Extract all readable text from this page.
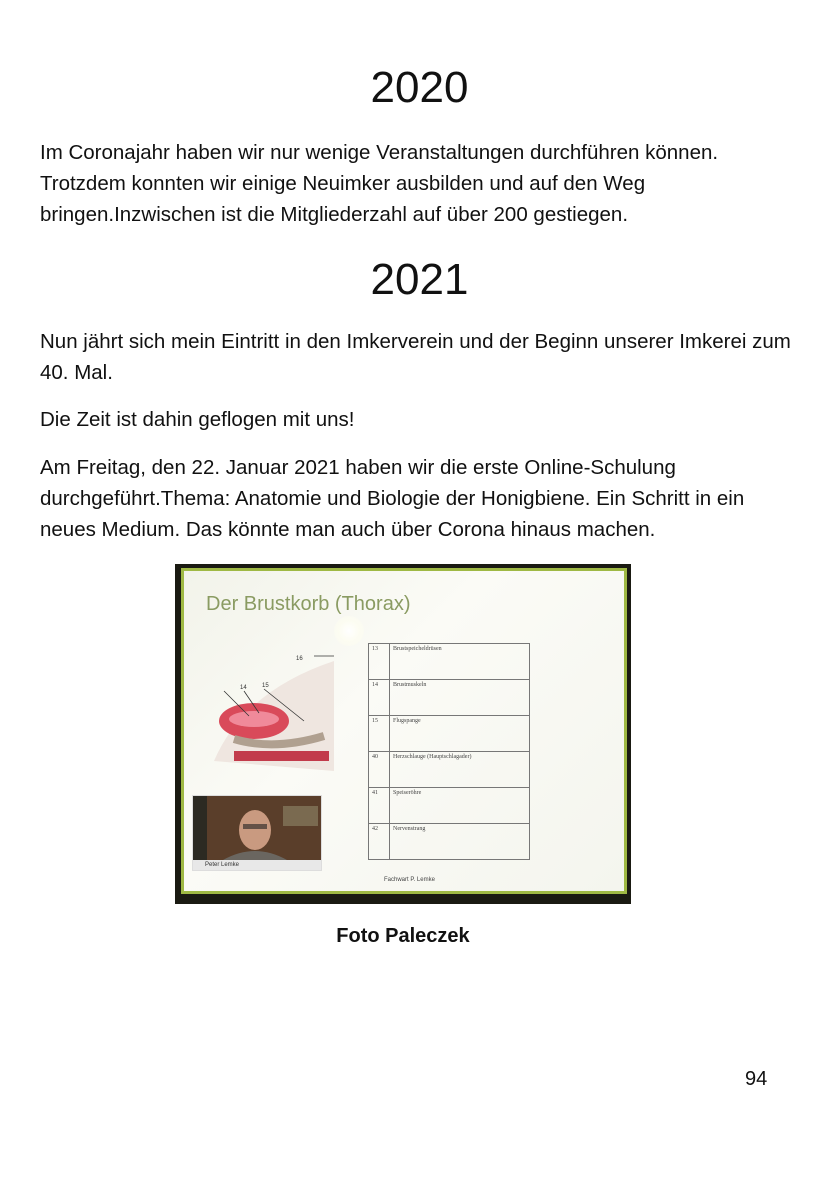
2020

Im Coronajahr haben wir nur wenige Veranstaltungen durchführen können. Trotzdem konnten wir einige Neuimker ausbilden und auf den Weg bringen.Inzwischen ist die Mitgliederzahl auf über 200 gestiegen.

2021

Nun jährt sich mein Eintritt in den Imkerverein und der Beginn unserer Imkerei zum 40. Mal.

Die Zeit ist dahin geflogen mit uns!

Am Freitag, den 22. Januar 2021 haben wir die erste Online-Schulung durchgeführt.Thema: Anatomie und Biologie der Honigbiene. Ein Schritt in ein neues Medium. Das könnte man auch über Corona hinaus machen.

Der Brustkorb (Thorax)
16
14	15
13	Brustspeicheldrüsen
14	Brustmuskeln
15	Flugspange
40	Herzschlauge (Hauptschlagader)
41	Speiseröhre
42	Nervenstrang
Peter Lemke
Fachwart P. Lemke
Foto Paleczek
94
